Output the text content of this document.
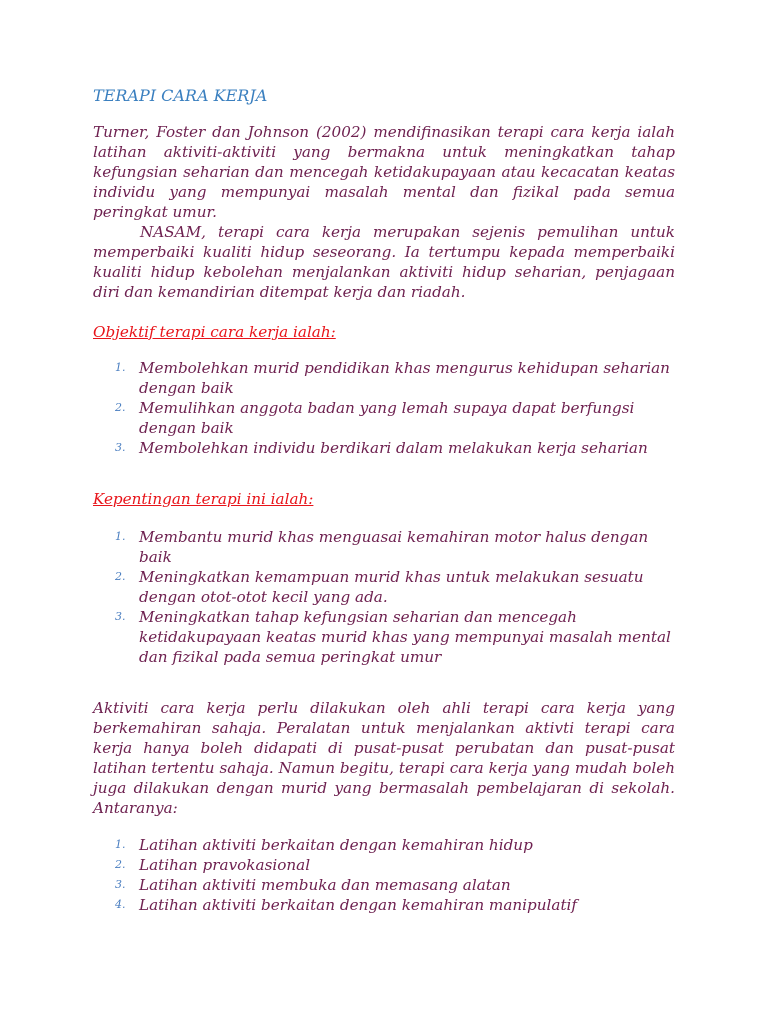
TERAPI CARA KERJA

Turner, Foster dan Johnson (2002) mendifinasikan terapi cara kerja ialah latihan aktiviti-aktiviti yang bermakna untuk meningkatkan tahap kefungsian seharian dan mencegah ketidakupayaan atau kecacatan keatas individu yang mempunyai masalah mental dan fizikal pada semua peringkat umur.

NASAM, terapi cara kerja merupakan sejenis pemulihan untuk memperbaiki kualiti hidup seseorang. Ia tertumpu kepada memperbaiki kualiti hidup kebolehan menjalankan aktiviti hidup seharian, penjagaan diri dan kemandirian ditempat kerja dan riadah.

Objektif terapi cara kerja ialah:

1. Membolehkan murid pendidikan khas mengurus kehidupan seharian dengan baik
2. Memulihkan anggota badan yang lemah supaya dapat berfungsi dengan baik
3. Membolehkan individu berdikari dalam melakukan kerja seharian

Kepentingan terapi ini ialah:

1. Membantu murid khas menguasai kemahiran motor halus dengan baik
2. Meningkatkan kemampuan murid khas untuk melakukan sesuatu dengan otot-otot kecil yang ada.
3. Meningkatkan tahap kefungsian seharian dan mencegah ketidakupayaan keatas murid khas yang mempunyai masalah mental dan fizikal pada semua peringkat umur

Aktiviti cara kerja perlu dilakukan oleh ahli terapi cara kerja yang berkemahiran sahaja. Peralatan untuk menjalankan aktivti terapi cara kerja hanya boleh didapati di pusat-pusat perubatan dan pusat-pusat latihan tertentu sahaja. Namun begitu, terapi cara kerja yang mudah boleh juga dilakukan dengan murid yang bermasalah pembelajaran di sekolah. Antaranya:

1. Latihan aktiviti berkaitan dengan kemahiran hidup
2. Latihan pravokasional
3. Latihan aktiviti membuka dan memasang alatan
4. Latihan aktiviti berkaitan dengan kemahiran manipulatif
